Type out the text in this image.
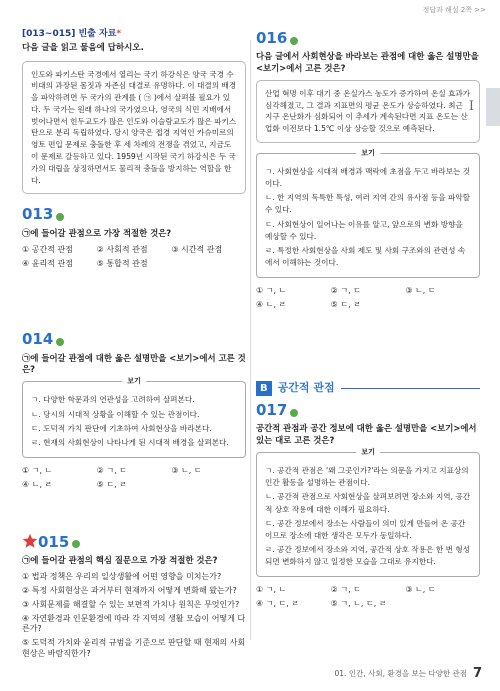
정답과 해설 2쪽 >>
I
[013~015] 빈출 자료*
다음 글을 읽고 물음에 답하시오.
인도와 파키스탄 국경에서 열리는 국기 하강식은 양국 국경 수비대의 과장된 몸짓과 자존심 대결로 유명하다. 이 대결의 배경을 파악하려면 두 국가의 관계를 ( ㉠ )에서 살펴볼 필요가 있다. 두 국가는 원래 하나의 국가였으나, 영국의 식민 지배에서 벗어나면서 힌두교도가 많은 인도와 이슬람교도가 많은 파키스탄으로 분리 독립하였다. 당시 양국은 접경 지역인 카슈미르의 영토 편입 문제로 충돌한 후 세 차례의 전쟁을 겪었고, 지금도 이 문제로 갈등하고 있다. 1959년 시작된 국기 하강식은 두 국가의 대립을 상징하면서도 물리적 충돌을 방지하는 역할을 한다.
013
㉠에 들어갈 관점으로 가장 적절한 것은?
① 공간적 관점	② 사회적 관점	③ 시간적 관점
④ 윤리적 관점	⑤ 통합적 관점
014
㉠에 들어갈 관점에 대한 옳은 설명만을 <보기>에서 고른 것은?
보기
ㄱ. 다양한 학문과의 연관성을 고려하여 살펴본다.
ㄴ. 당시의 시대적 상황을 이해할 수 있는 관점이다.
ㄷ. 도덕적 가치 판단에 기초하여 사회현상을 바라본다.
ㄹ. 현재의 사회현상이 나타나게 된 시대적 배경을 살펴본다.
① ㄱ, ㄴ	② ㄱ, ㄷ	③ ㄴ, ㄷ
④ ㄴ, ㄹ	⑤ ㄷ, ㄹ
015
㉠에 들어갈 관점의 핵심 질문으로 가장 적절한 것은?
① 법과 정책은 우리의 일상생활에 어떤 영향을 미치는가?
② 특정 사회현상은 과거부터 현재까지 어떻게 변화해 왔는가?
③ 사회문제를 해결할 수 있는 보편적 가치나 원칙은 무엇인가?
④ 자연환경과 인문환경에 따라 각 지역의 생활 모습이 어떻게 다른가?
⑤ 도덕적 가치와 윤리적 규범을 기준으로 판단할 때 현재의 사회현상은 바람직한가?
016
다음 글에서 사회현상을 바라보는 관점에 대한 옳은 설명만을 <보기>에서 고른 것은?
산업 혁명 이후 대기 중 온실가스 농도가 증가하여 온실 효과가 심각해졌고, 그 결과 지표면의 평균 온도가 상승하였다. 최근 지구 온난화가 심화되어 이 추세가 계속된다면 지표 온도는 산업화 이전보다 1.5℃ 이상 상승할 것으로 예측된다.
보기
ㄱ. 사회현상을 시대적 배경과 맥락에 초점을 두고 바라보는 것이다.
ㄴ. 한 지역의 독특한 특성, 여러 지역 간의 유사점 등을 파악할 수 있다.
ㄷ. 사회현상이 일어나는 이유를 알고, 앞으로의 변화 방향을 예상할 수 있다.
ㄹ. 특정한 사회현상을 사회 제도 및 사회 구조와의 관련성 속에서 이해하는 것이다.
① ㄱ, ㄴ	② ㄱ, ㄷ	③ ㄴ, ㄷ
④ ㄴ, ㄹ	⑤ ㄷ, ㄹ
B 공간적 관점
017
공간적 관점과 공간 정보에 대한 옳은 설명만을 <보기>에서 있는 대로 고른 것은?
보기
ㄱ. 공간적 관점은 '왜 그곳인가?'라는 의문을 가지고 지표상의 인간 활동을 설명하는 관점이다.
ㄴ. 공간적 관점으로 사회현상을 살펴보려면 장소와 지역, 공간적 상호 작용에 대한 이해가 필요하다.
ㄷ. 공간 정보에서 장소는 사람들이 의미 있게 만들어 온 공간이므로 장소에 대한 생각은 모두가 동일하다.
ㄹ. 공간 정보에서 장소와 지역, 공간적 상호 작용은 한 번 형성되면 변화하지 않고 일정한 모습을 그대로 유지한다.
① ㄱ, ㄴ	② ㄱ, ㄷ	③ ㄴ, ㄷ
④ ㄱ, ㄷ, ㄹ	⑤ ㄱ, ㄴ, ㄷ, ㄹ
01. 인간, 사회, 환경을 보는 다양한 관점 7
